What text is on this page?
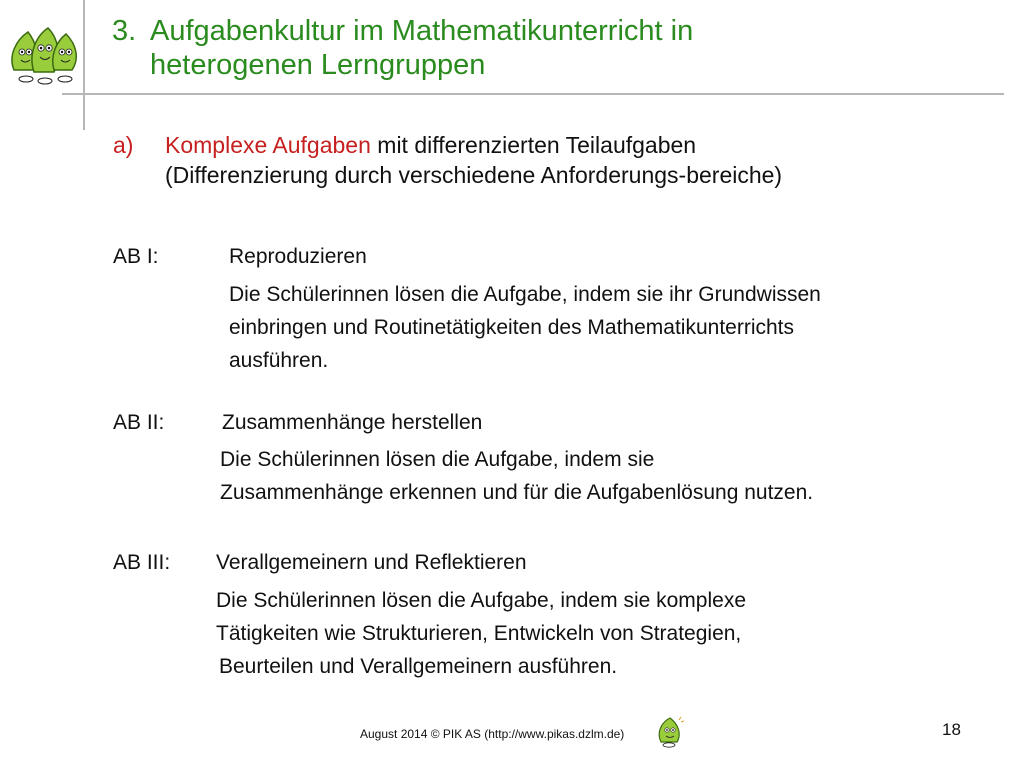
3. Aufgabenkultur im Mathematikunterricht in
heterogenen Lerngruppen
a) Komplexe Aufgaben mit differenzierten Teilaufgaben
(Differenzierung durch verschiedene Anforderungs-bereiche)
AB I:	Reproduzieren
Die Schülerinnen lösen die Aufgabe, indem sie ihr Grundwissen
einbringen und Routinetätigkeiten des Mathematikunterrichts
ausführen.
AB II:	Zusammenhänge herstellen
Die Schülerinnen lösen die Aufgabe, indem sie
Zusammenhänge erkennen und für die Aufgabenlösung nutzen.
AB III: Verallgemeinern und Reflektieren
Die Schülerinnen lösen die Aufgabe, indem sie komplexe
Tätigkeiten wie Strukturieren, Entwickeln von Strategien,
Beurteilen und Verallgemeinern ausführen.
August 2014 © PIK AS (http://www.pikas.dzlm.de)	18
